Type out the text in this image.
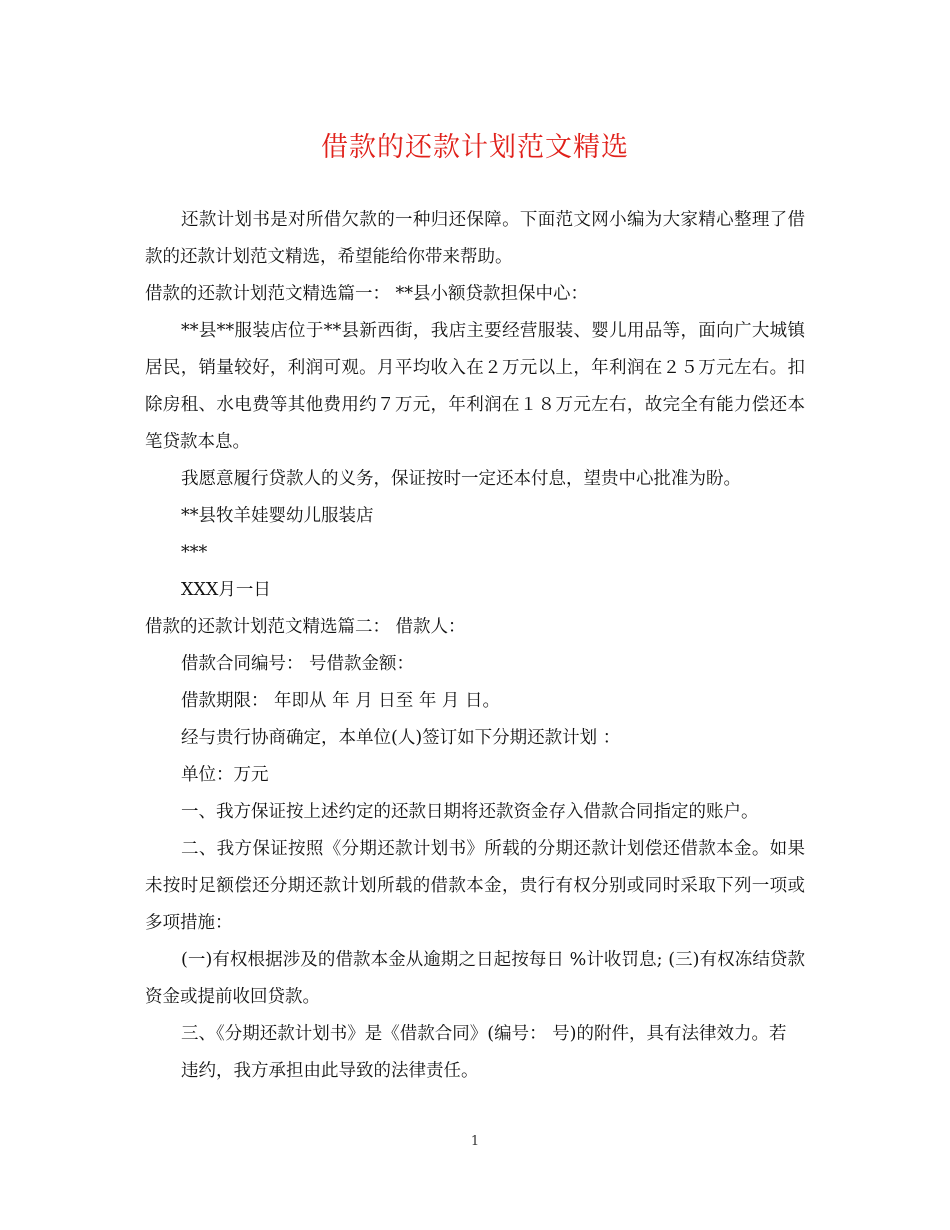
借款的还款计划范文精选

还款计划书是对所借欠款的一种归还保障。下面范文网小编为大家精心整理了借款的还款计划范文精选，希望能给你带来帮助。

借款的还款计划范文精选篇一： **县小额贷款担保中心：

**县**服装店位于**县新西街，我店主要经营服装、婴儿用品等，面向广大城镇居民，销量较好，利润可观。月平均收入在２万元以上，年利润在２５万元左右。扣除房租、水电费等其他费用约７万元，年利润在１８万元左右，故完全有能力偿还本笔贷款本息。

我愿意履行贷款人的义务，保证按时一定还本付息，望贵中心批准为盼。

**县牧羊娃婴幼儿服装店

***

XXX月一日

借款的还款计划范文精选篇二： 借款人：

借款合同编号： 号借款金额：

借款期限： 年即从 年 月 日至 年 月 日。

经与贵行协商确定，本单位(人)签订如下分期还款计划 ：

单位：万元

一、我方保证按上述约定的还款日期将还款资金存入借款合同指定的账户。

二、我方保证按照《分期还款计划书》所载的分期还款计划偿还借款本金。如果未按时足额偿还分期还款计划所载的借款本金，贵行有权分别或同时采取下列一项或多项措施：

(一)有权根据涉及的借款本金从逾期之日起按每日 %计收罚息; (三)有权冻结贷款资金或提前收回贷款。

三、《分期还款计划书》是《借款合同》(编号： 号)的附件，具有法律效力。若

违约，我方承担由此导致的法律责任。

1
